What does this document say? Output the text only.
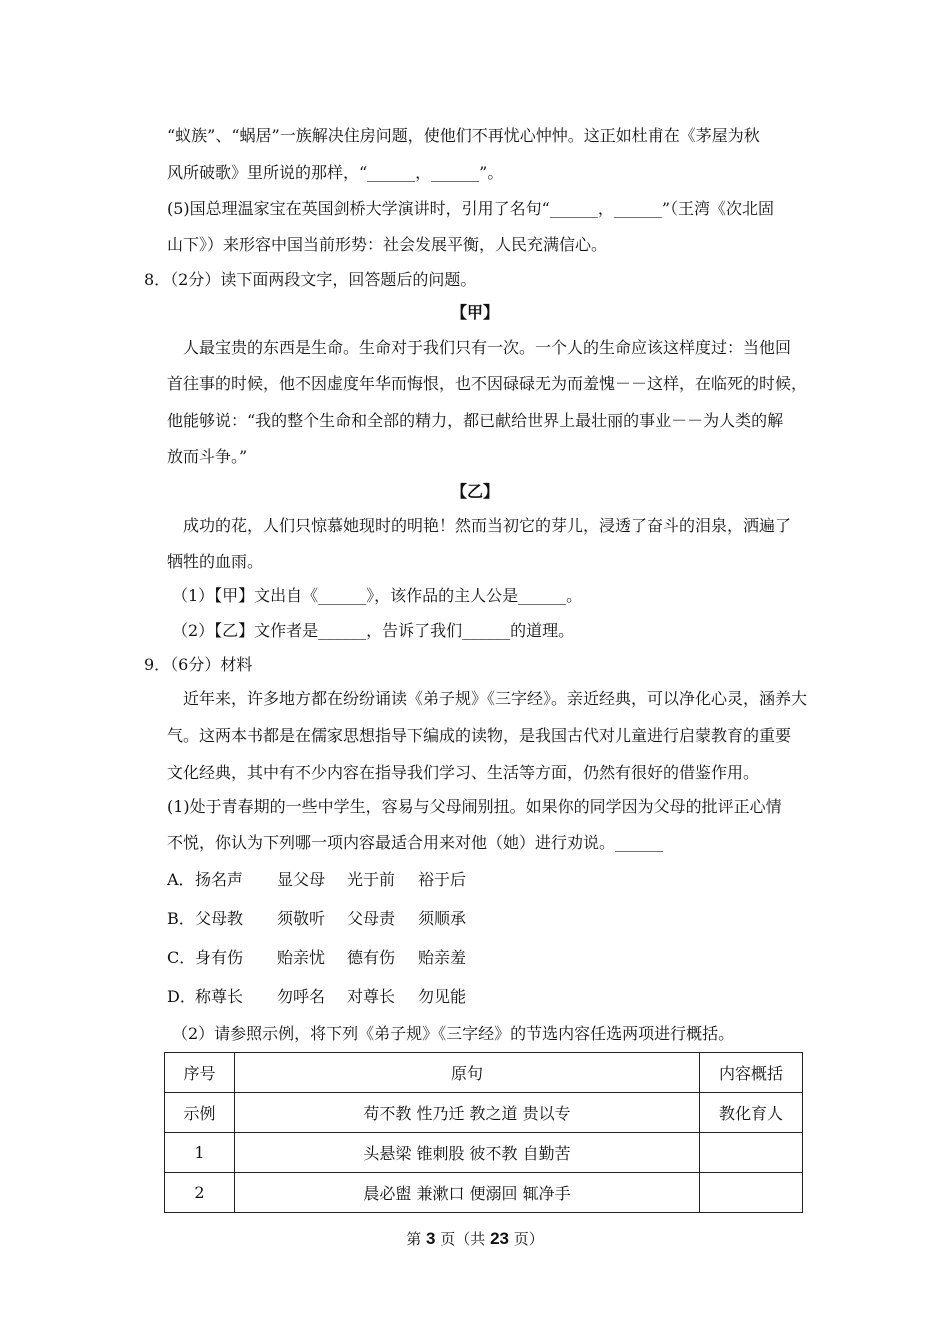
“蚁族”、“蜗居”一族解决住房问题，使他们不再忧心忡忡。这正如杜甫在《茅屋为秋
风所破歌》里所说的那样，“______，______”。
(5)国总理温家宝在英国剑桥大学演讲时，引用了名句“______，______”（王湾《次北固
山下》）来形容中国当前形势：社会发展平衡，人民充满信心。
8．（2分）读下面两段文字，回答题后的问题。
【甲】
人最宝贵的东西是生命。生命对于我们只有一次。一个人的生命应该这样度过：当他回
首往事的时候，他不因虚度年华而悔恨，也不因碌碌无为而羞愧－－这样，在临死的时候，
他能够说：“我的整个生命和全部的精力，都已献给世界上最壮丽的事业－－为人类的解
放而斗争。”
【乙】
成功的花，人们只惊慕她现时的明艳！然而当初它的芽儿，浸透了奋斗的泪泉，洒遍了
牺牲的血雨。
（1）【甲】文出自《______》，该作品的主人公是______。
（2）【乙】文作者是______，告诉了我们______的道理。
9．（6分）材料
近年来，许多地方都在纷纷诵读《弟子规》《三字经》。亲近经典，可以净化心灵，涵养大
气。这两本书都是在儒家思想指导下编成的读物，是我国古代对儿童进行启蒙教育的重要
文化经典，其中有不少内容在指导我们学习、生活等方面，仍然有很好的借鉴作用。
(1)处于青春期的一些中学生，容易与父母闹别扭。如果你的同学因为父母的批评正心情
不悦，你认为下列哪一项内容最适合用来对他（她）进行劝说。______
A． 扬名声 显父母 光于前 裕于后
B． 父母教 须敬听 父母责 须顺承
C． 身有伤 贻亲忧 德有伤 贻亲羞
D． 称尊长 勿呼名 对尊长 勿见能
（2）请参照示例，将下列《弟子规》《三字经》的节选内容任选两项进行概括。
序号	原句	内容概括
示例	苟不教 性乃迁 教之道 贵以专	教化育人
1	头悬梁 锥刺股 彼不教 自勤苦	
2	晨必盥 兼漱口 便溺回 辄净手	
第 3 页（共 23 页）
